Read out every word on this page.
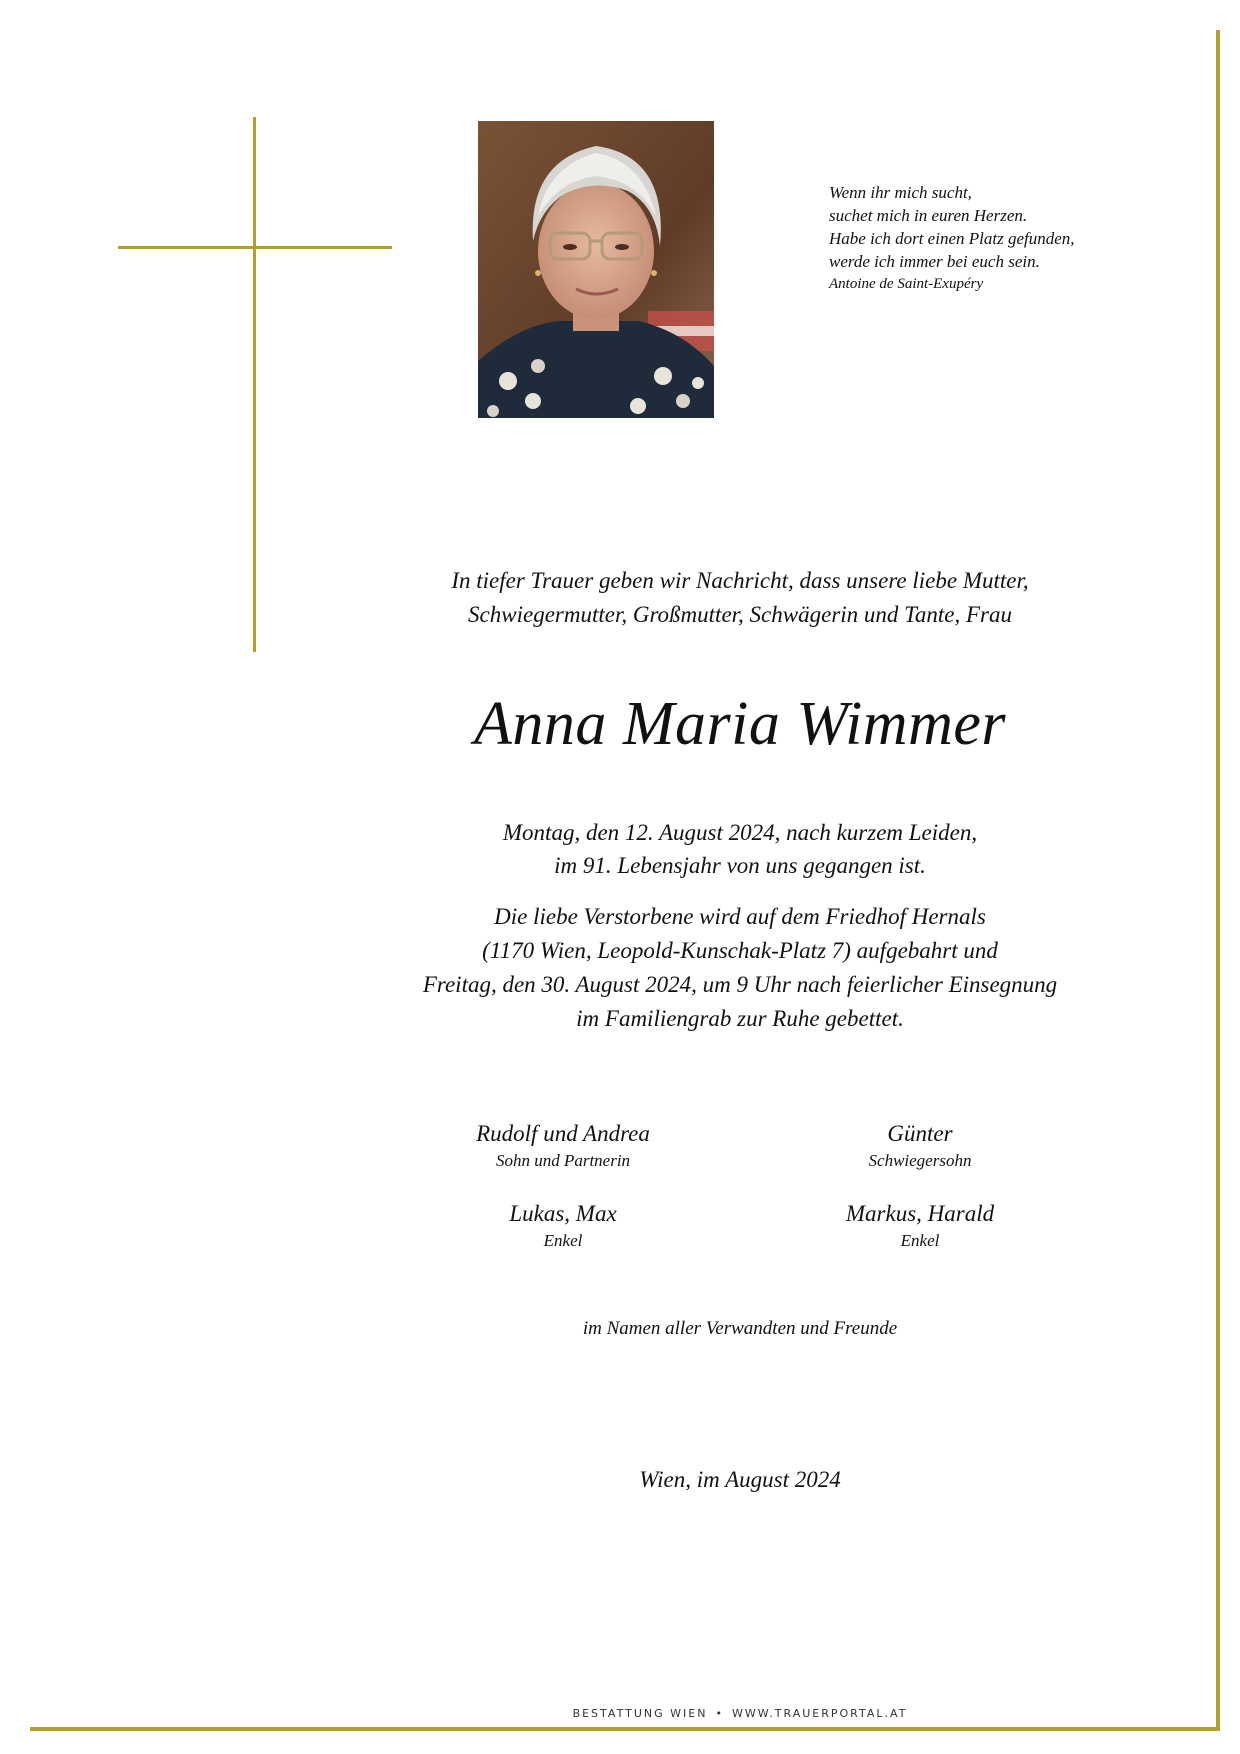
Wenn ihr mich sucht,
suchet mich in euren Herzen.
Habe ich dort einen Platz gefunden,
werde ich immer bei euch sein.
Antoine de Saint-Exupéry
In tiefer Trauer geben wir Nachricht, dass unsere liebe Mutter,
Schwiegermutter, Großmutter, Schwägerin und Tante, Frau
Anna Maria Wimmer
Montag, den 12. August 2024, nach kurzem Leiden,
im 91. Lebensjahr von uns gegangen ist.
Die liebe Verstorbene wird auf dem Friedhof Hernals
(1170 Wien, Leopold-Kunschak-Platz 7) aufgebahrt und
Freitag, den 30. August 2024, um 9 Uhr nach feierlicher Einsegnung
im Familiengrab zur Ruhe gebettet.
Rudolf und Andrea
Sohn und Partnerin
Günter
Schwiegersohn
Lukas, Max
Enkel
Markus, Harald
Enkel
im Namen aller Verwandten und Freunde
Wien, im August 2024
BESTATTUNG WIEN • WWW.TRAUERPORTAL.AT
